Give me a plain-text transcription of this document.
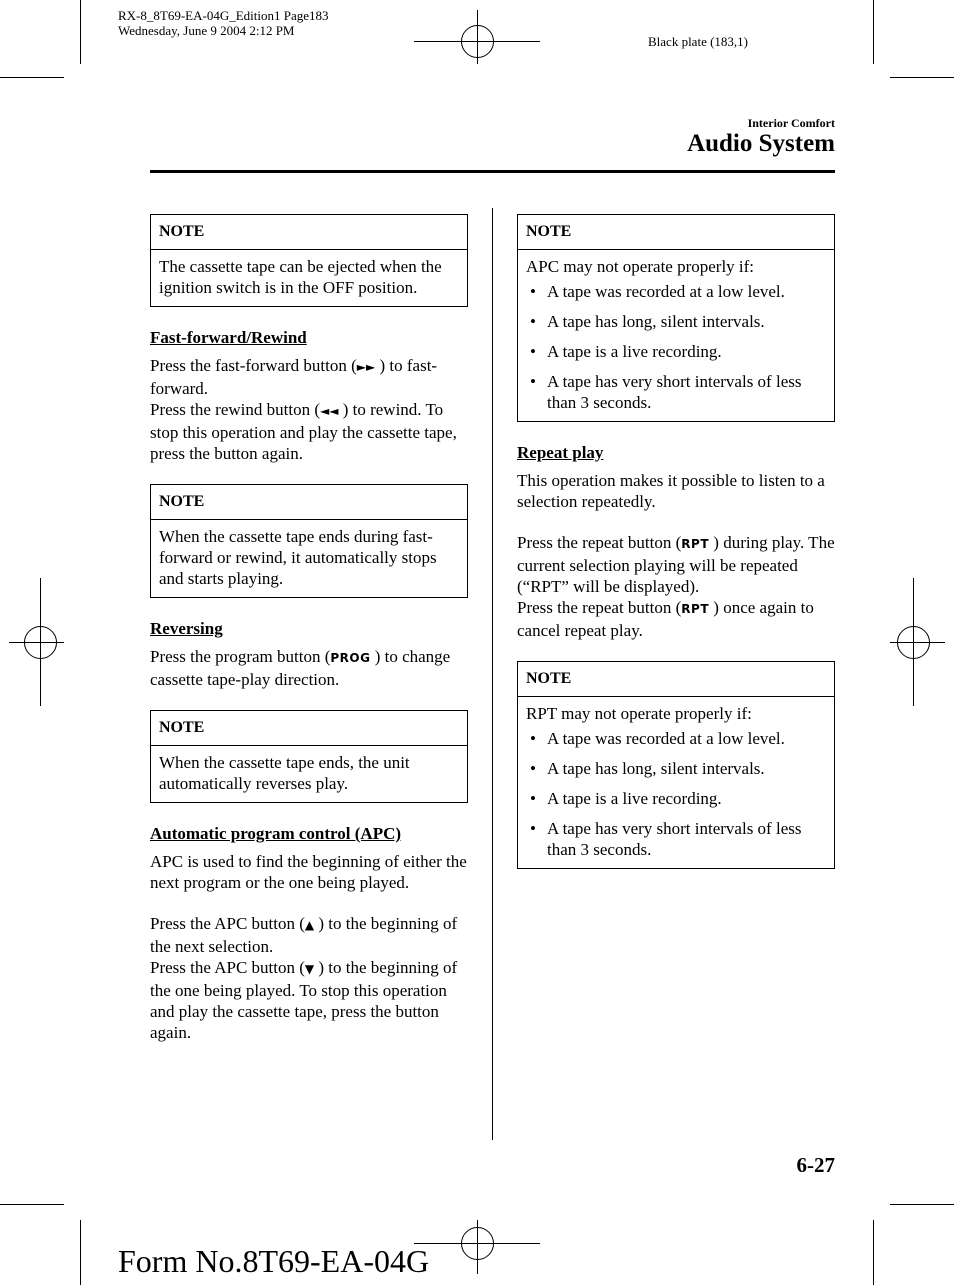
RX-8_8T69-EA-04G_Edition1 Page183
Wednesday, June 9 2004 2:12 PM
Black plate (183,1)
Interior Comfort
Audio System
NOTE

The cassette tape can be ejected when the ignition switch is in the OFF position.

Fast-forward/Rewind

Press the fast-forward button (►► ) to fast-forward.
Press the rewind button (◄◄ ) to rewind. To stop this operation and play the cassette tape, press the button again.

NOTE

When the cassette tape ends during fast-forward or rewind, it automatically stops and starts playing.

Reversing

Press the program button (PROG ) to change cassette tape-play direction.

NOTE

When the cassette tape ends, the unit automatically reverses play.

Automatic program control (APC)

APC is used to find the beginning of either the next program or the one being played.

Press the APC button (▲ ) to the beginning of the next selection.
Press the APC button (▼ ) to the beginning of the one being played. To stop this operation and play the cassette tape, press the button again.

NOTE

APC may not operate properly if:

• A tape was recorded at a low level.
• A tape has long, silent intervals.
• A tape is a live recording.
• A tape has very short intervals of less than 3 seconds.
Repeat play

This operation makes it possible to listen to a selection repeatedly.

Press the repeat button (RPT ) during play. The current selection playing will be repeated (“RPT” will be displayed).
Press the repeat button (RPT ) once again to cancel repeat play.

NOTE

RPT may not operate properly if:

• A tape was recorded at a low level.
• A tape has long, silent intervals.
• A tape is a live recording.
• A tape has very short intervals of less than 3 seconds.
6-27
Form No.8T69-EA-04G
